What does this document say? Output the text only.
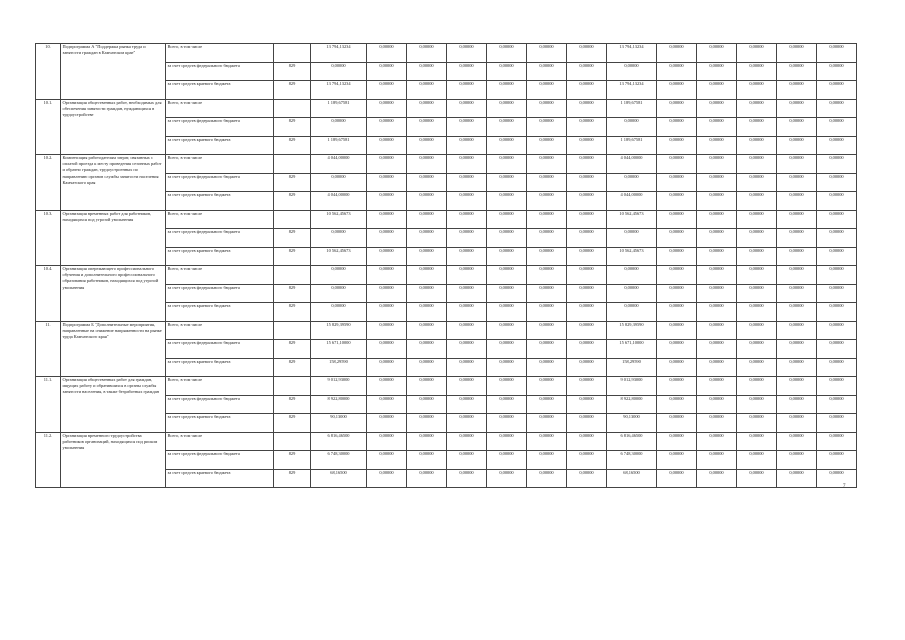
10.	Подпрограмма А "Поддержка рынка труда и занятости граждан в Камчатском крае"	Всего, в том числе		13 794,13234	0,00000	0,00000	0,00000	0,00000	0,00000	0,00000	13 794,13234	0,00000	0,00000	0,00000	0,00000	0,00000
		за счет средств федерального бюджета	829	0,00000	0,00000	0,00000	0,00000	0,00000	0,00000	0,00000	0,00000	0,00000	0,00000	0,00000	0,00000	0,00000
		за счет средств краевого бюджета	829	13 794,13234	0,00000	0,00000	0,00000	0,00000	0,00000	0,00000	13 794,13234	0,00000	0,00000	0,00000	0,00000	0,00000
10.1.	Организация общественных работ, необходимых для обеспечения занятости граждан, нуждающихся в трудоустройстве	Всего, в том числе		1 189,67581	0,00000	0,00000	0,00000	0,00000	0,00000	0,00000	1 189,67581	0,00000	0,00000	0,00000	0,00000	0,00000
		за счет средств федерального бюджета	829	0,00000	0,00000	0,00000	0,00000	0,00000	0,00000	0,00000	0,00000	0,00000	0,00000	0,00000	0,00000	0,00000
		за счет средств краевого бюджета	829	1 189,67581	0,00000	0,00000	0,00000	0,00000	0,00000	0,00000	1 189,67581	0,00000	0,00000	0,00000	0,00000	0,00000
10.2.	Компенсация работодателям затрат, связанных с оплатой проезда к месту проведения сезонных работ и обратно граждан, трудоустроенных по направлению органов службы занятости населения Камчатского края	Всего, в том числе		4 044,00000	0,00000	0,00000	0,00000	0,00000	0,00000	0,00000	4 044,00000	0,00000	0,00000	0,00000	0,00000	0,00000
		за счет средств федерального бюджета	829	0,00000	0,00000	0,00000	0,00000	0,00000	0,00000	0,00000	0,00000	0,00000	0,00000	0,00000	0,00000	0,00000
		за счет средств краевого бюджета	829	4 044,00000	0,00000	0,00000	0,00000	0,00000	0,00000	0,00000	4 044,00000	0,00000	0,00000	0,00000	0,00000	0,00000
10.3.	Организация временных работ для работников, находящихся под угрозой увольнения	Всего, в том числе		10 562,45673	0,00000	0,00000	0,00000	0,00000	0,00000	0,00000	10 562,45673	0,00000	0,00000	0,00000	0,00000	0,00000
		за счет средств федерального бюджета	829	0,00000	0,00000	0,00000	0,00000	0,00000	0,00000	0,00000	0,00000	0,00000	0,00000	0,00000	0,00000	0,00000
		за счет средств краевого бюджета	829	10 562,45673	0,00000	0,00000	0,00000	0,00000	0,00000	0,00000	10 562,45673	0,00000	0,00000	0,00000	0,00000	0,00000
10.4.	Организация опережающего профессионального обучения и дополнительного профессионального образования работников, находящихся под угрозой увольнения	Всего, в том числе		0,00000	0,00000	0,00000	0,00000	0,00000	0,00000	0,00000	0,00000	0,00000	0,00000	0,00000	0,00000	0,00000
		за счет средств федерального бюджета	829	0,00000	0,00000	0,00000	0,00000	0,00000	0,00000	0,00000	0,00000	0,00000	0,00000	0,00000	0,00000	0,00000
		за счет средств краевого бюджета	829	0,00000	0,00000	0,00000	0,00000	0,00000	0,00000	0,00000	0,00000	0,00000	0,00000	0,00000	0,00000	0,00000
11.	Подпрограмма Б "Дополнительные мероприятия, направленные на снижение напряженности на рынке труда Камчатского края"	Всего, в том числе		15 829,39590	0,00000	0,00000	0,00000	0,00000	0,00000	0,00000	15 829,39590	0,00000	0,00000	0,00000	0,00000	0,00000
		за счет средств федерального бюджета	829	15 671,10000	0,00000	0,00000	0,00000	0,00000	0,00000	0,00000	15 671,10000	0,00000	0,00000	0,00000	0,00000	0,00000
		за счет средств краевого бюджета	829	158,29590	0,00000	0,00000	0,00000	0,00000	0,00000	0,00000	158,29590	0,00000	0,00000	0,00000	0,00000	0,00000
11.1.	Организация общественных работ для граждан, ищущих работу и обратившихся в органы службы занятости населения, в также безработных граждан	Всего, в том числе		9 012,93000	0,00000	0,00000	0,00000	0,00000	0,00000	0,00000	9 012,93000	0,00000	0,00000	0,00000	0,00000	0,00000
		за счет средств федерального бюджета	829	8 922,80000	0,00000	0,00000	0,00000	0,00000	0,00000	0,00000	8 922,80000	0,00000	0,00000	0,00000	0,00000	0,00000
		за счет средств краевого бюджета	829	90,13000	0,00000	0,00000	0,00000	0,00000	0,00000	0,00000	90,13000	0,00000	0,00000	0,00000	0,00000	0,00000
11.2.	Организация временного трудоустройства работников организаций, находящихся под риском увольнения	Всего, в том числе		6 816,46500	0,00000	0,00000	0,00000	0,00000	0,00000	0,00000	6 816,46500	0,00000	0,00000	0,00000	0,00000	0,00000
		за счет средств федерального бюджета	829	6 748,30000	0,00000	0,00000	0,00000	0,00000	0,00000	0,00000	6 748,30000	0,00000	0,00000	0,00000	0,00000	0,00000
		за счет средств краевого бюджета	829	68,16500	0,00000	0,00000	0,00000	0,00000	0,00000	0,00000	68,16500	0,00000	0,00000	0,00000	0,00000	0,00000
7
